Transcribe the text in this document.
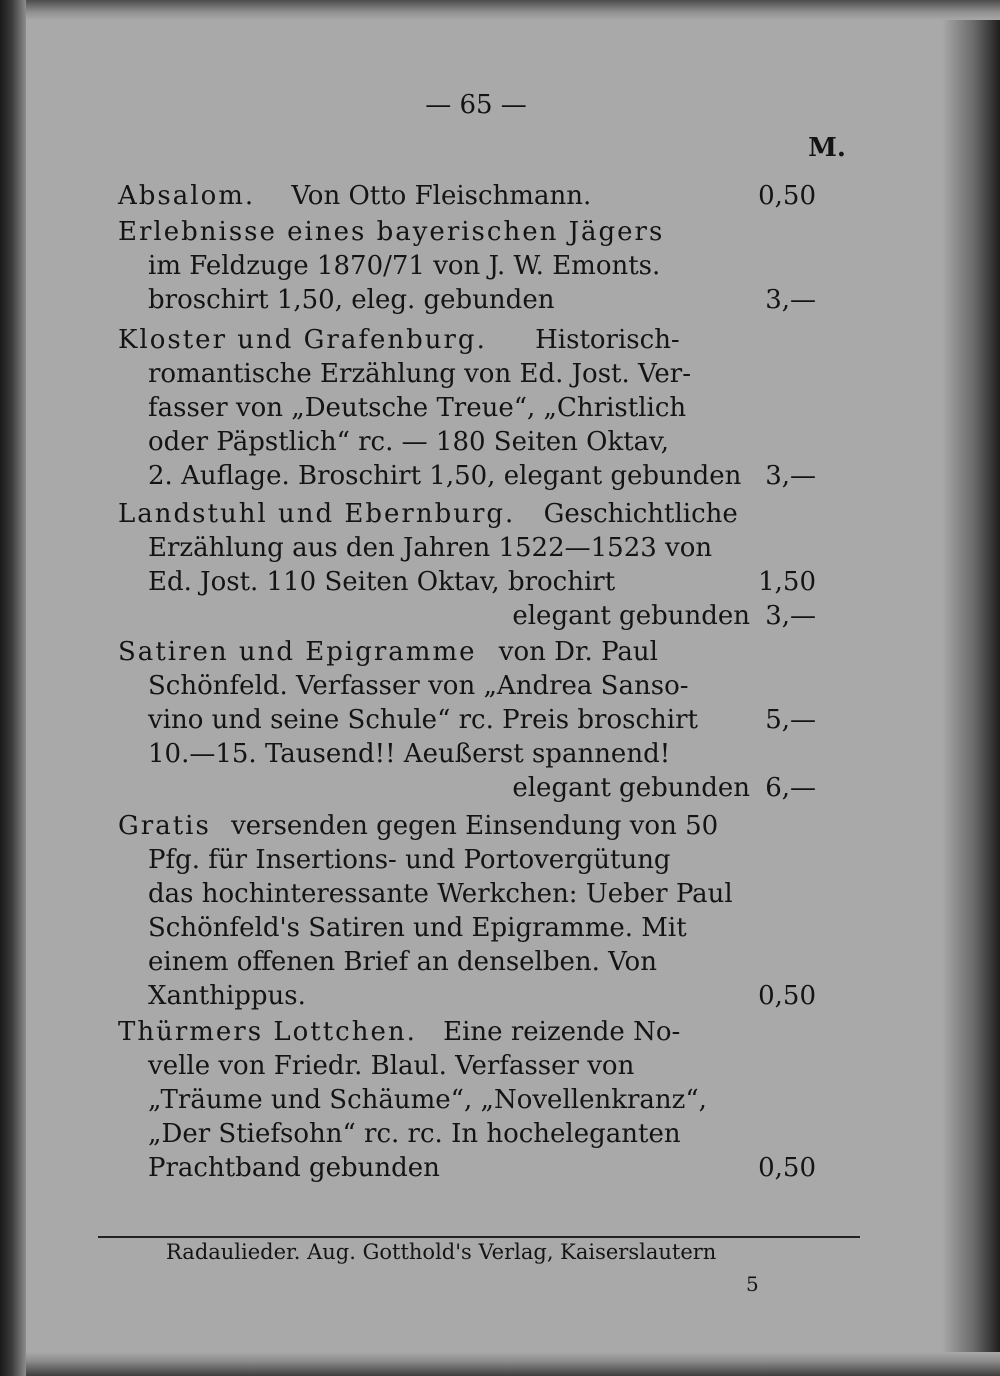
— 65 —
M.
Absalom. Von Otto Fleischmann.	0,50
Erlebnisse eines bayerischen Jägers
im Feldzuge 1870/71 von J. W. Emonts.
broschirt 1,50, eleg. gebunden	3,—
Kloster und Grafenburg. Historisch-
romantische Erzählung von Ed. Jost. Ver-
fasser von „Deutsche Treue“, „Christlich
oder Päpstlich“ rc. — 180 Seiten Oktav,
2. Auflage. Broschirt 1,50, elegant gebunden 3,—
Landstuhl und Ebernburg. Geschichtliche
Erzählung aus den Jahren 1522—1523 von
Ed. Jost. 110 Seiten Oktav, brochirt	1,50
elegant gebunden 3,—
Satiren und Epigramme von Dr. Paul
Schönfeld. Verfasser von „Andrea Sanso-
vino und seine Schule“ rc. Preis broschirt	5,—
10.—15. Tausend!! Aeußerst spannend!
elegant gebunden 6,—
Gratis versenden gegen Einsendung von 50
Pfg. für Insertions- und Portovergütung
das hochinteressante Werkchen: Ueber Paul
Schönfeld's Satiren und Epigramme. Mit
einem offenen Brief an denselben. Von
Xanthippus.	0,50
Thürmers Lottchen. Eine reizende No-
velle von Friedr. Blaul. Verfasser von
„Träume und Schäume“, „Novellenkranz“,
„Der Stiefsohn“ rc. rc. In hocheleganten
Prachtband gebunden	0,50
Radaulieder. Aug. Gotthold's Verlag, Kaiserslautern
5
